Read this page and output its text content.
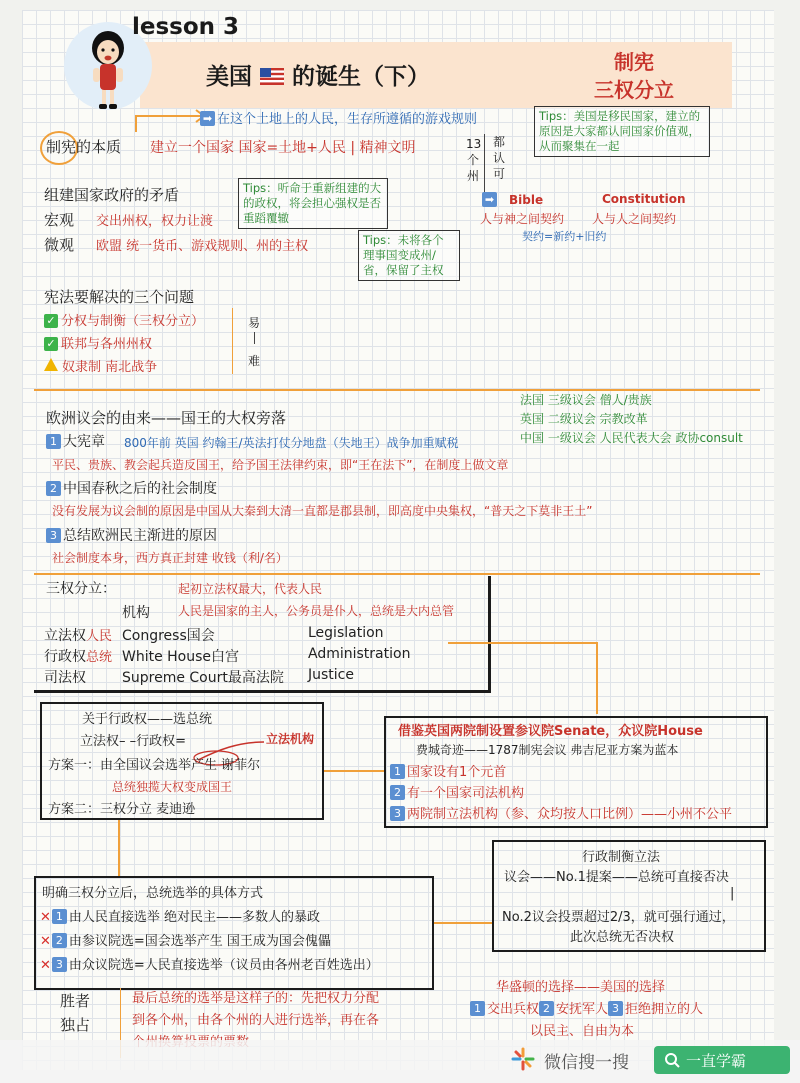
lesson 3
美国 的诞生（下）
制宪
三权分立
➡ 在这个土地上的人民，生存所遵循的游戏规则	Tips：美国是移民国家，建立的原因是大家都认同国家价值观，从而聚集在一起
制宪的本质 建立一个国家 国家=土地+人民 | 精神文明	13个州
都认可
➡ Bible	Constitution
人与神之间契约 人与人之间契约
契约=新约+旧约
组建国家政府的矛盾	Tips：听命于重新组建的大的政权，将会担心强权是否重蹈覆辙
宏观 交出州权，权力让渡
微观 欧盟 统一货币、游戏规则、州的主权	Tips：未将各个理事国变成州/省，保留了主权
宪法要解决的三个问题
✓ 分权与制衡（三权分立）
✓ 联邦与各州州权
奴隶制 南北战争
易
难
法国 三级议会 僧人/贵族
英国 二级议会 宗教改革
中国 一级议会 人民代表大会 政协consult
欧洲议会的由来——国王的大权旁落
1 大宪章 800年前 英国 约翰王/英法打仗分地盘（失地王）战争加重赋税
平民、贵族、教会起兵造反国王，给予国王法律约束，即“王在法下”，在制度上做文章
2 中国春秋之后的社会制度
没有发展为议会制的原因是中国从大秦到大清一直都是郡县制，即高度中央集权，“普天之下莫非王土”
3 总结欧洲民主渐进的原因
社会制度本身，西方真正封建 收钱（利/名）
三权分立：	起初立法权最大，代表人民
机构 人民是国家的主人，公务员是仆人，总统是大内总管
立法权人民 Congress国会	Legislation
行政权总统 White House白宫	Administration
司法权	Supreme Court最高法院 Justice
关于行政权——选总统
立法权– –行政权=	立法机构
方案一：由全国议会选举产生 谢菲尔
总统独揽大权变成国王
方案二：三权分立 麦迪逊
借鉴英国两院制设置参议院Senate，众议院House
费城奇迹——1787制宪会议 弗吉尼亚方案为蓝本
1 国家设有1个元首
2 有一个国家司法机构
3 两院制立法机构（参、众均按人口比例）——小州不公平
行政制衡立法
议会——No.1提案——总统可直接否决
|
No.2议会投票超过2/3，就可强行通过，
此次总统无否决权
明确三权分立后，总统选举的具体方式
✕ 1 由人民直接选举 绝对民主——多数人的暴政
✕ 2 由参议院选=国会选举产生 国王成为国会傀儡
✕ 3 由众议院选=人民直接选举（议员由各州老百姓选出）
胜者
独占
最后总统的选举是这样子的：先把权力分配到各个州，由各个州的人进行选举，再在各
华盛顿的选择——美国的选择
1 交出兵权 2 安抚军人 3 拒绝拥立的人
以民主、自由为本
微信搜一搜	一直学霸
